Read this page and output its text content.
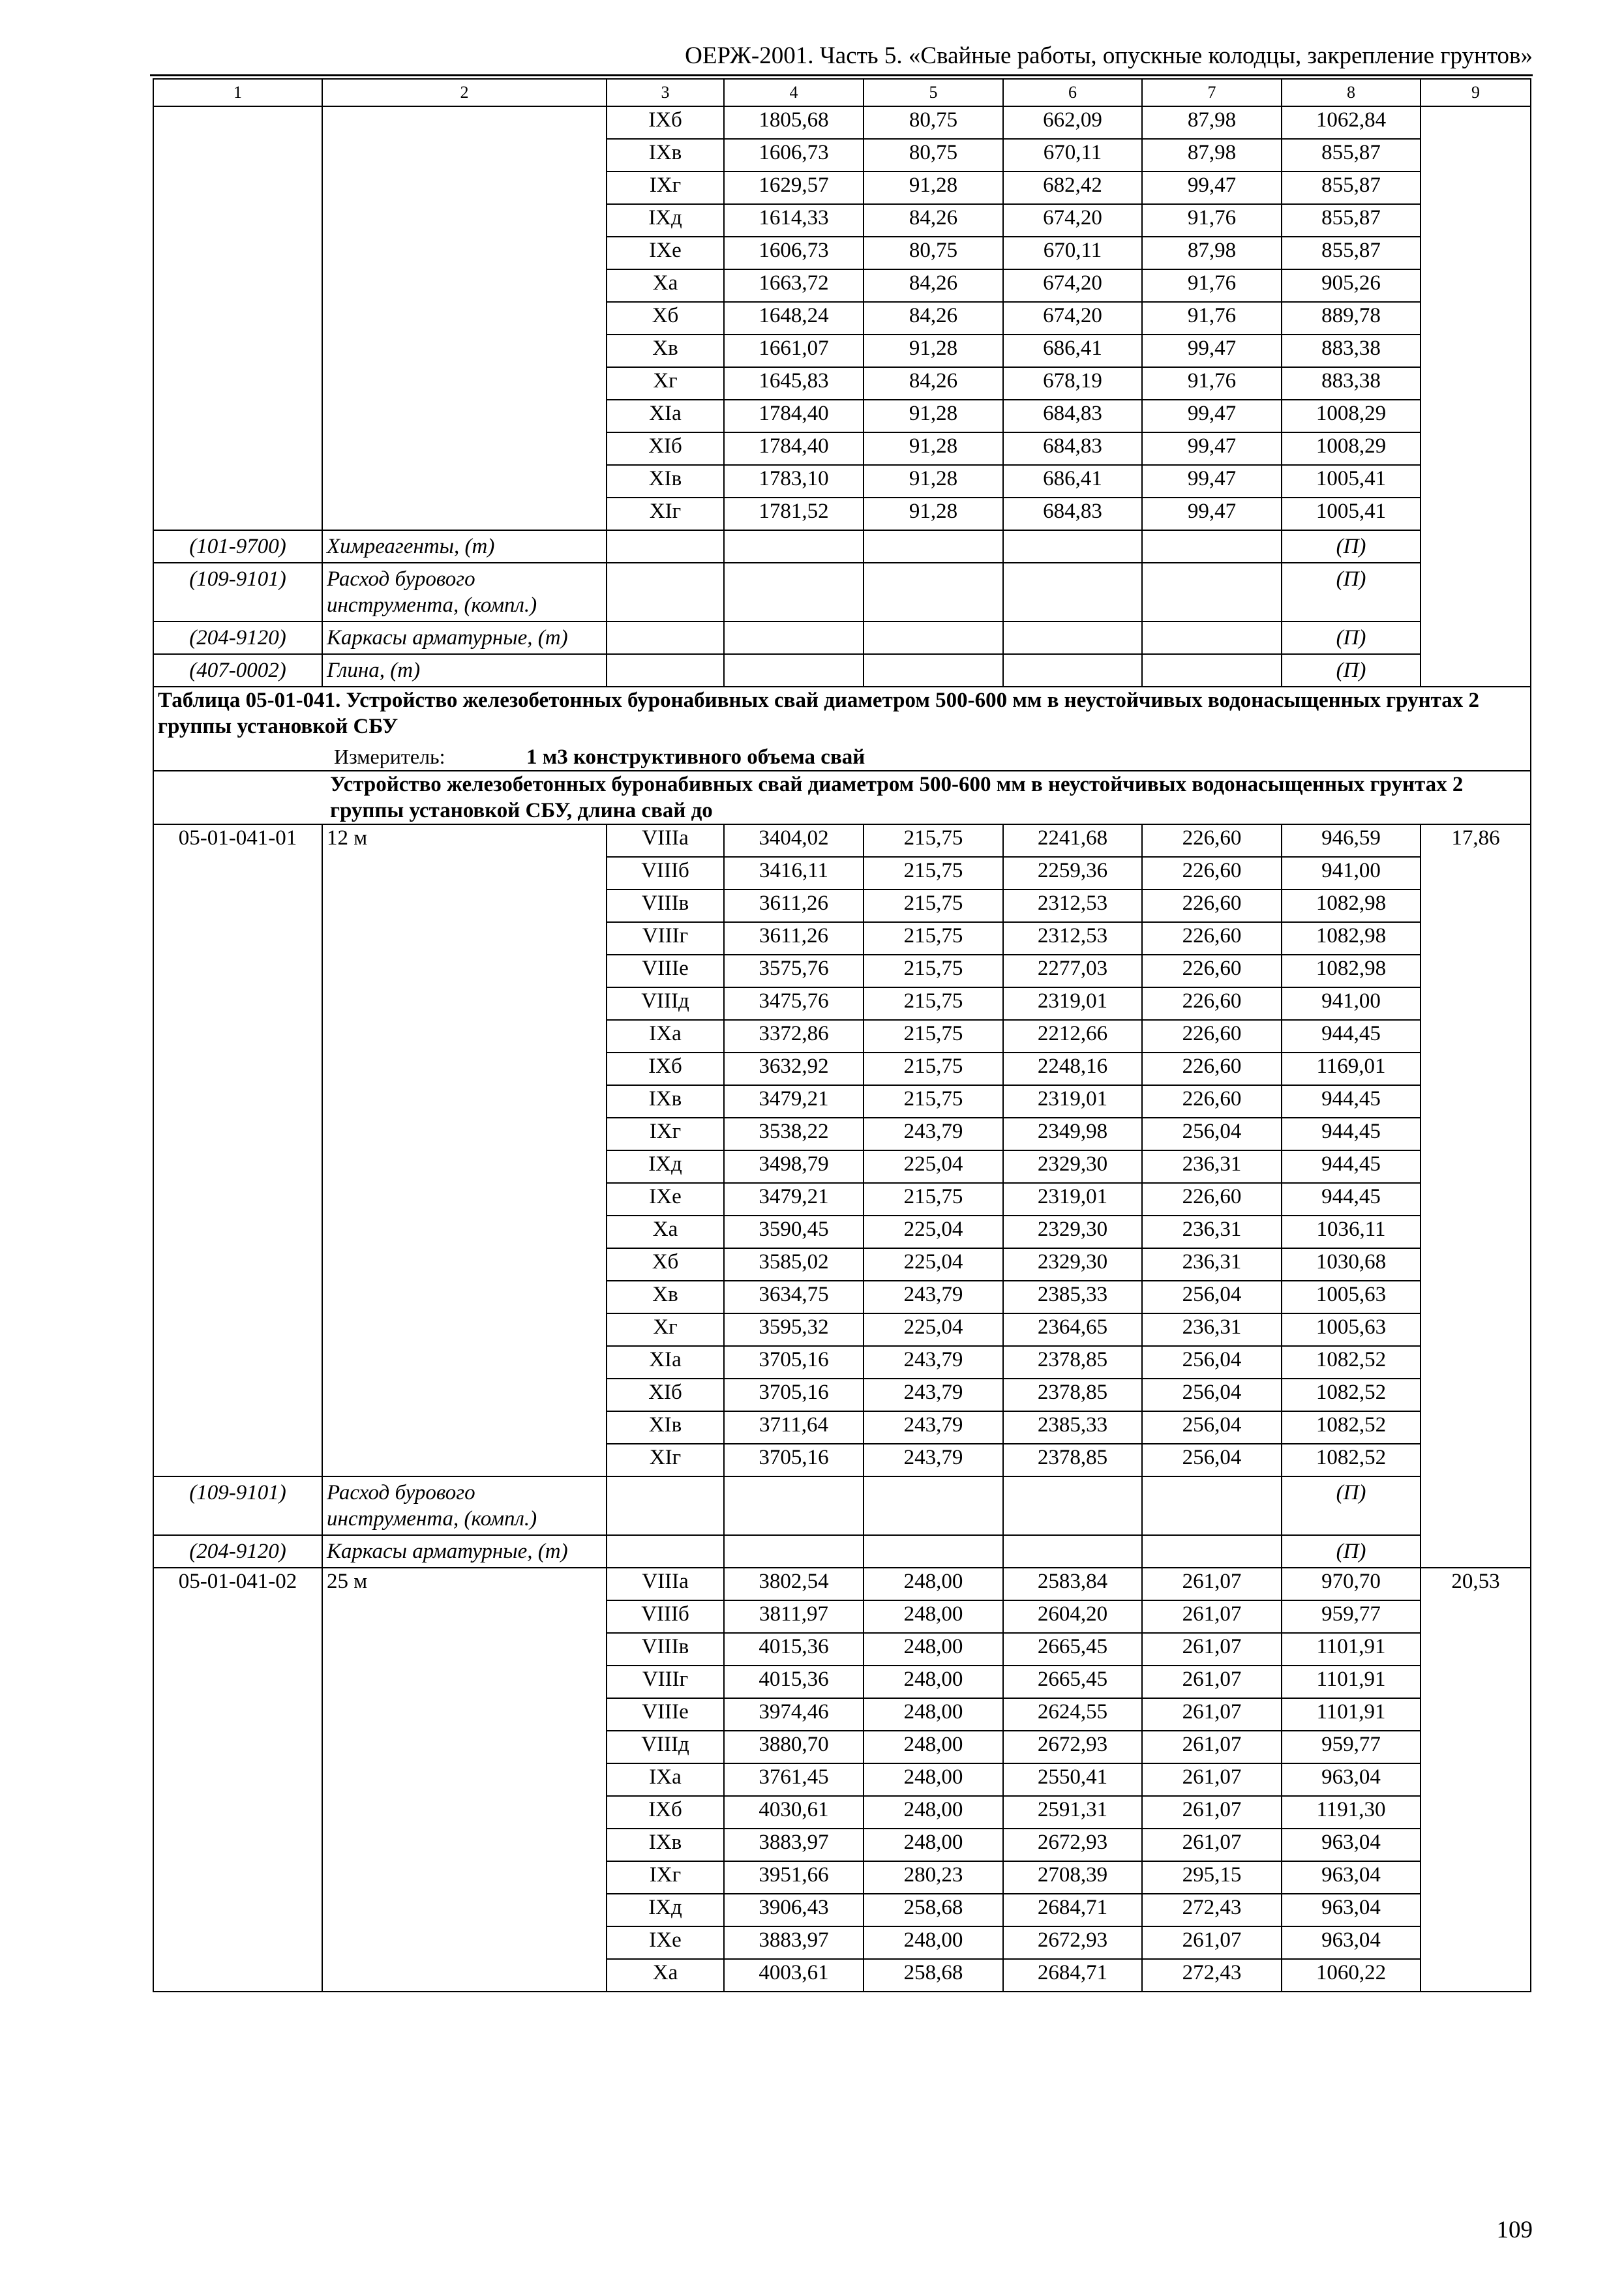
ОЕРЖ-2001. Часть 5. «Свайные работы, опускные колодцы, закрепление грунтов»
1	2	3	4	5	6	7	8	9
		IXб	1805,68	80,75	662,09	87,98	1062,84	
		IXв	1606,73	80,75	670,11	87,98	855,87	
		IXг	1629,57	91,28	682,42	99,47	855,87	
		IXд	1614,33	84,26	674,20	91,76	855,87	
		IXе	1606,73	80,75	670,11	87,98	855,87	
		Xа	1663,72	84,26	674,20	91,76	905,26	
		Xб	1648,24	84,26	674,20	91,76	889,78	
		Xв	1661,07	91,28	686,41	99,47	883,38	
		Xг	1645,83	84,26	678,19	91,76	883,38	
		XIа	1784,40	91,28	684,83	99,47	1008,29	
		XIб	1784,40	91,28	684,83	99,47	1008,29	
		XIв	1783,10	91,28	686,41	99,47	1005,41	
		XIг	1781,52	91,28	684,83	99,47	1005,41	
(101-9700)	Химреагенты, (т)						(П)	
(109-9101)	Расход бурового инструмента, (компл.)						(П)	
(204-9120)	Каркасы арматурные, (т)						(П)	
(407-0002)	Глина, (т)						(П)	

Таблица 05-01-041. Устройство железобетонных буронабивных свай диаметром 500-600 мм в неустойчивых водонасыщенных грунтах 2 группы установкой СБУ
Измеритель: 1 м3 конструктивного объема свай								

Устройство железобетонных буронабивных свай диаметром 500-600 мм в неустойчивых водонасыщенных грунтах 2 группы установкой СБУ, длина свай до								
05-01-041-01	12 м	VIIIа	3404,02	215,75	2241,68	226,60	946,59	17,86
		VIIIб	3416,11	215,75	2259,36	226,60	941,00	
		VIIIв	3611,26	215,75	2312,53	226,60	1082,98	
		VIIIг	3611,26	215,75	2312,53	226,60	1082,98	
		VIIIе	3575,76	215,75	2277,03	226,60	1082,98	
		VIIIд	3475,76	215,75	2319,01	226,60	941,00	
		IXа	3372,86	215,75	2212,66	226,60	944,45	
		IXб	3632,92	215,75	2248,16	226,60	1169,01	
		IXв	3479,21	215,75	2319,01	226,60	944,45	
		IXг	3538,22	243,79	2349,98	256,04	944,45	
		IXд	3498,79	225,04	2329,30	236,31	944,45	
		IXе	3479,21	215,75	2319,01	226,60	944,45	
		Xа	3590,45	225,04	2329,30	236,31	1036,11	
		Xб	3585,02	225,04	2329,30	236,31	1030,68	
		Xв	3634,75	243,79	2385,33	256,04	1005,63	
		Xг	3595,32	225,04	2364,65	236,31	1005,63	
		XIа	3705,16	243,79	2378,85	256,04	1082,52	
		XIб	3705,16	243,79	2378,85	256,04	1082,52	
		XIв	3711,64	243,79	2385,33	256,04	1082,52	
		XIг	3705,16	243,79	2378,85	256,04	1082,52	
(109-9101)	Расход бурового инструмента, (компл.)						(П)	
(204-9120)	Каркасы арматурные, (т)						(П)	
05-01-041-02	25 м	VIIIа	3802,54	248,00	2583,84	261,07	970,70	20,53
		VIIIб	3811,97	248,00	2604,20	261,07	959,77	
		VIIIв	4015,36	248,00	2665,45	261,07	1101,91	
		VIIIг	4015,36	248,00	2665,45	261,07	1101,91	
		VIIIе	3974,46	248,00	2624,55	261,07	1101,91	
		VIIIд	3880,70	248,00	2672,93	261,07	959,77	
		IXа	3761,45	248,00	2550,41	261,07	963,04	
		IXб	4030,61	248,00	2591,31	261,07	1191,30	
		IXв	3883,97	248,00	2672,93	261,07	963,04	
		IXг	3951,66	280,23	2708,39	295,15	963,04	
		IXд	3906,43	258,68	2684,71	272,43	963,04	
		IXе	3883,97	248,00	2672,93	261,07	963,04	
		Xа	4003,61	258,68	2684,71	272,43	1060,22	
109
